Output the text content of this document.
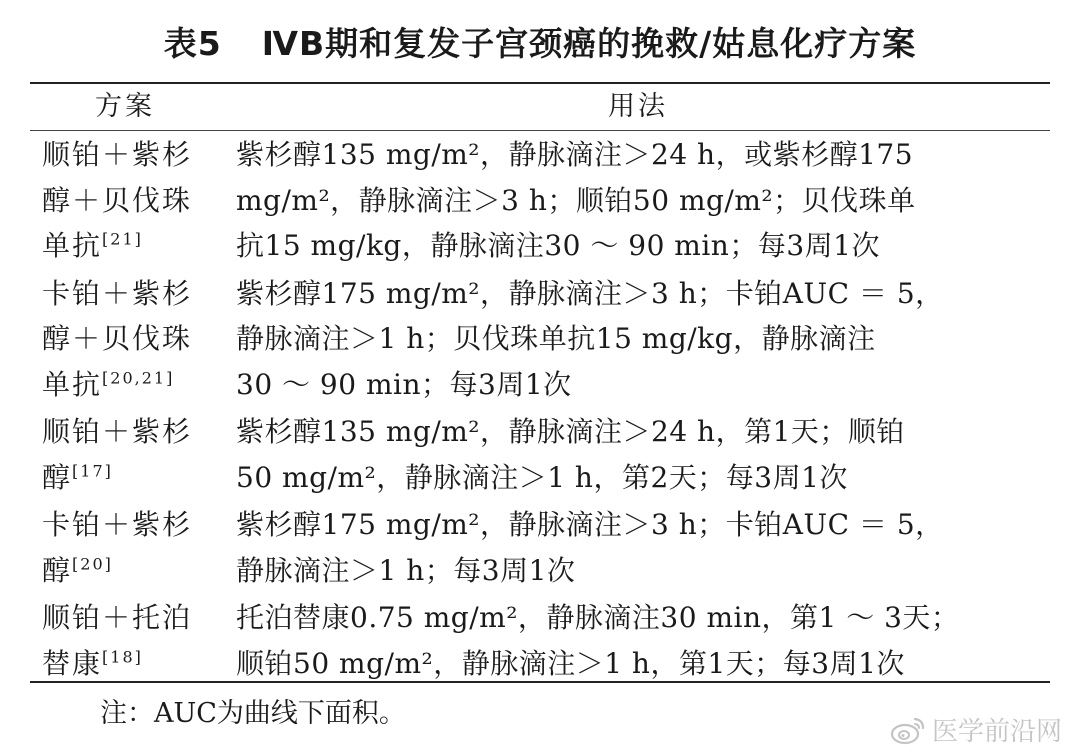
表5 ⅣB期和复发子宫颈癌的挽救/姑息化疗方案
方案	用法
顺铂＋紫杉
醇＋贝伐珠
单抗[21]
紫杉醇135 mg/m²，静脉滴注＞24 h，或紫杉醇175
mg/m²，静脉滴注＞3 h；顺铂50 mg/m²；贝伐珠单
抗15 mg/kg，静脉滴注30 ～ 90 min；每3周1次
卡铂＋紫杉
醇＋贝伐珠
单抗[20,21]
紫杉醇175 mg/m²，静脉滴注＞3 h；卡铂AUC ＝ 5，
静脉滴注＞1 h；贝伐珠单抗15 mg/kg，静脉滴注
30 ～ 90 min；每3周1次
顺铂＋紫杉
醇[17]
紫杉醇135 mg/m²，静脉滴注＞24 h，第1天；顺铂
50 mg/m²，静脉滴注＞1 h，第2天；每3周1次
卡铂＋紫杉
醇[20]
紫杉醇175 mg/m²，静脉滴注＞3 h；卡铂AUC ＝ 5，
静脉滴注＞1 h；每3周1次
顺铂＋托泊
替康[18]
托泊替康0.75 mg/m²，静脉滴注30 min，第1 ～ 3天；
顺铂50 mg/m²，静脉滴注＞1 h，第1天；每3周1次
注：AUC为曲线下面积。
医学前沿网
